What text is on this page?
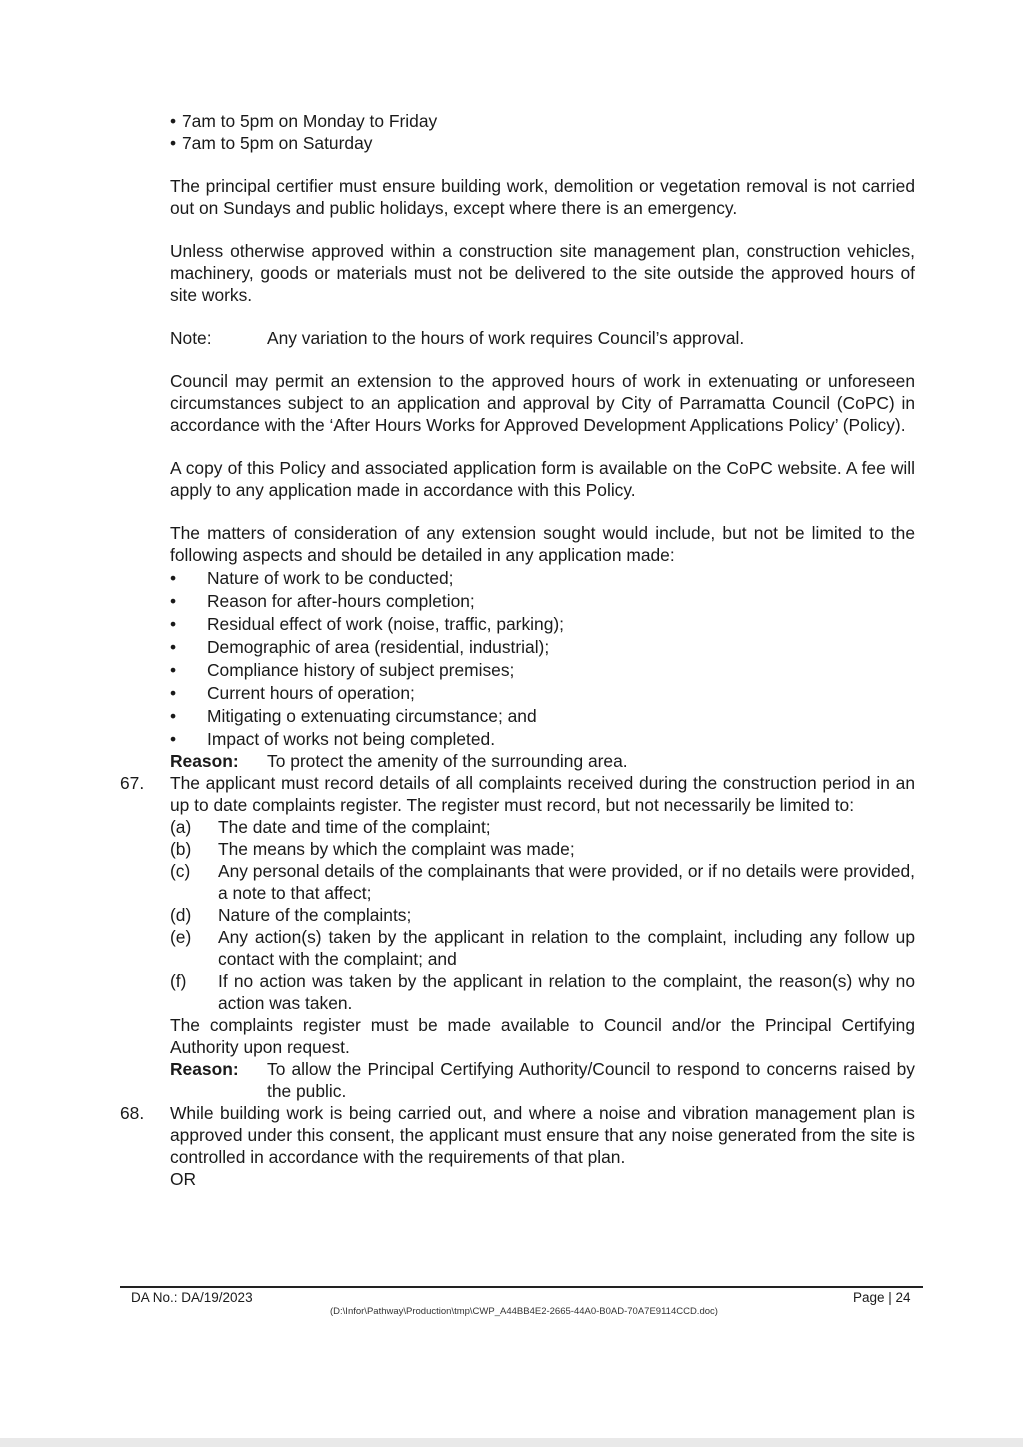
• 7am to 5pm on Monday to Friday
• 7am to 5pm on Saturday

The principal certifier must ensure building work, demolition or vegetation removal is not carried out on Sundays and public holidays, except where there is an emergency.

Unless otherwise approved within a construction site management plan, construction vehicles, machinery, goods or materials must not be delivered to the site outside the approved hours of site works.

Note:	Any variation to the hours of work requires Council’s approval.

Council may permit an extension to the approved hours of work in extenuating or unforeseen circumstances subject to an application and approval by City of Parramatta Council (CoPC) in accordance with the ‘After Hours Works for Approved Development Applications Policy’ (Policy).

A copy of this Policy and associated application form is available on the CoPC website. A fee will apply to any application made in accordance with this Policy.

The matters of consideration of any extension sought would include, but not be limited to the following aspects and should be detailed in any application made:

• Nature of work to be conducted;
• Reason for after-hours completion;
• Residual effect of work (noise, traffic, parking);
• Demographic of area (residential, industrial);
• Compliance history of subject premises;
• Current hours of operation;
• Mitigating o extenuating circumstance; and
• Impact of works not being completed.
Reason:	To protect the amenity of the surrounding area.
67. The applicant must record details of all complaints received during the construction period in an up to date complaints register. The register must record, but not necessarily be limited to:

(a) The date and time of the complaint;

(b) The means by which the complaint was made;

(c) Any personal details of the complainants that were provided, or if no details were provided, a note to that affect;

(d) Nature of the complaints;

(e) Any action(s) taken by the applicant in relation to the complaint, including any follow up contact with the complaint; and

(f) If no action was taken by the applicant in relation to the complaint, the reason(s) why no action was taken.

The complaints register must be made available to Council and/or the Principal Certifying Authority upon request.

Reason:	To allow the Principal Certifying Authority/Council to respond to concerns raised by the public.

68. While building work is being carried out, and where a noise and vibration management plan is approved under this consent, the applicant must ensure that any noise generated from the site is controlled in accordance with the requirements of that plan.

OR

DA No.: DA/19/2023	Page | 24
(D:\Infor\Pathway\Production\tmp\CWP_A44BB4E2-2665-44A0-B0AD-70A7E9114CCD.doc)
